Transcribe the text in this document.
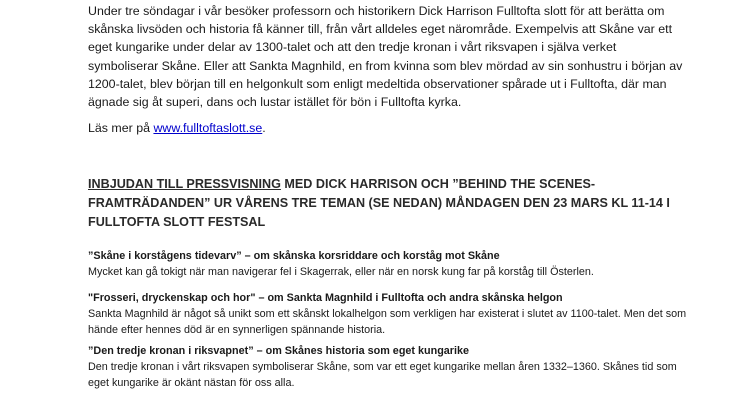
Under tre söndagar i vår besöker professorn och historikern Dick Harrison Fulltofta slott för att berätta om skånska livsöden och historia få känner till, från vårt alldeles eget närområde. Exempelvis att Skåne var ett eget kungarike under delar av 1300-talet och att den tredje kronan i vårt riksvapen i själva verket symboliserar Skåne. Eller att Sankta Magnhild, en from kvinna som blev mördad av sin sonhustru i början av 1200-talet, blev början till en helgonkult som enligt medeltida observationer spårade ut i Fulltofta, där man ägnade sig åt superi, dans och lustar istället för bön i Fulltofta kyrka.

Läs mer på www.fulltoftaslott.se.

INBJUDAN TILL PRESSVISNING MED DICK HARRISON OCH ”BEHIND THE SCENES-FRAMTRÄDANDEN” UR VÅRENS TRE TEMAN (SE NEDAN) MÅNDAGEN DEN 23 MARS KL 11-14 I FULLTOFTA SLOTT FESTSAL

”Skåne i korstågens tidevarv” – om skånska korsriddare och korståg mot Skåne
Mycket kan gå tokigt när man navigerar fel i Skagerrak, eller när en norsk kung far på korståg till Österlen.
"Frosseri, dryckenskap och hor" – om Sankta Magnhild i Fulltofta och andra skånska helgon
Sankta Magnhild är något så unikt som ett skånskt lokalhelgon som verkligen har existerat i slutet av 1100-talet. Men det som hände efter hennes död är en synnerligen spännande historia.
”Den tredje kronan i riksvapnet” – om Skånes historia som eget kungarike
Den tredje kronan i vårt riksvapen symboliserar Skåne, som var ett eget kungarike mellan åren 1332–1360. Skånes tid som eget kungarike är okänt nästan för oss alla.
